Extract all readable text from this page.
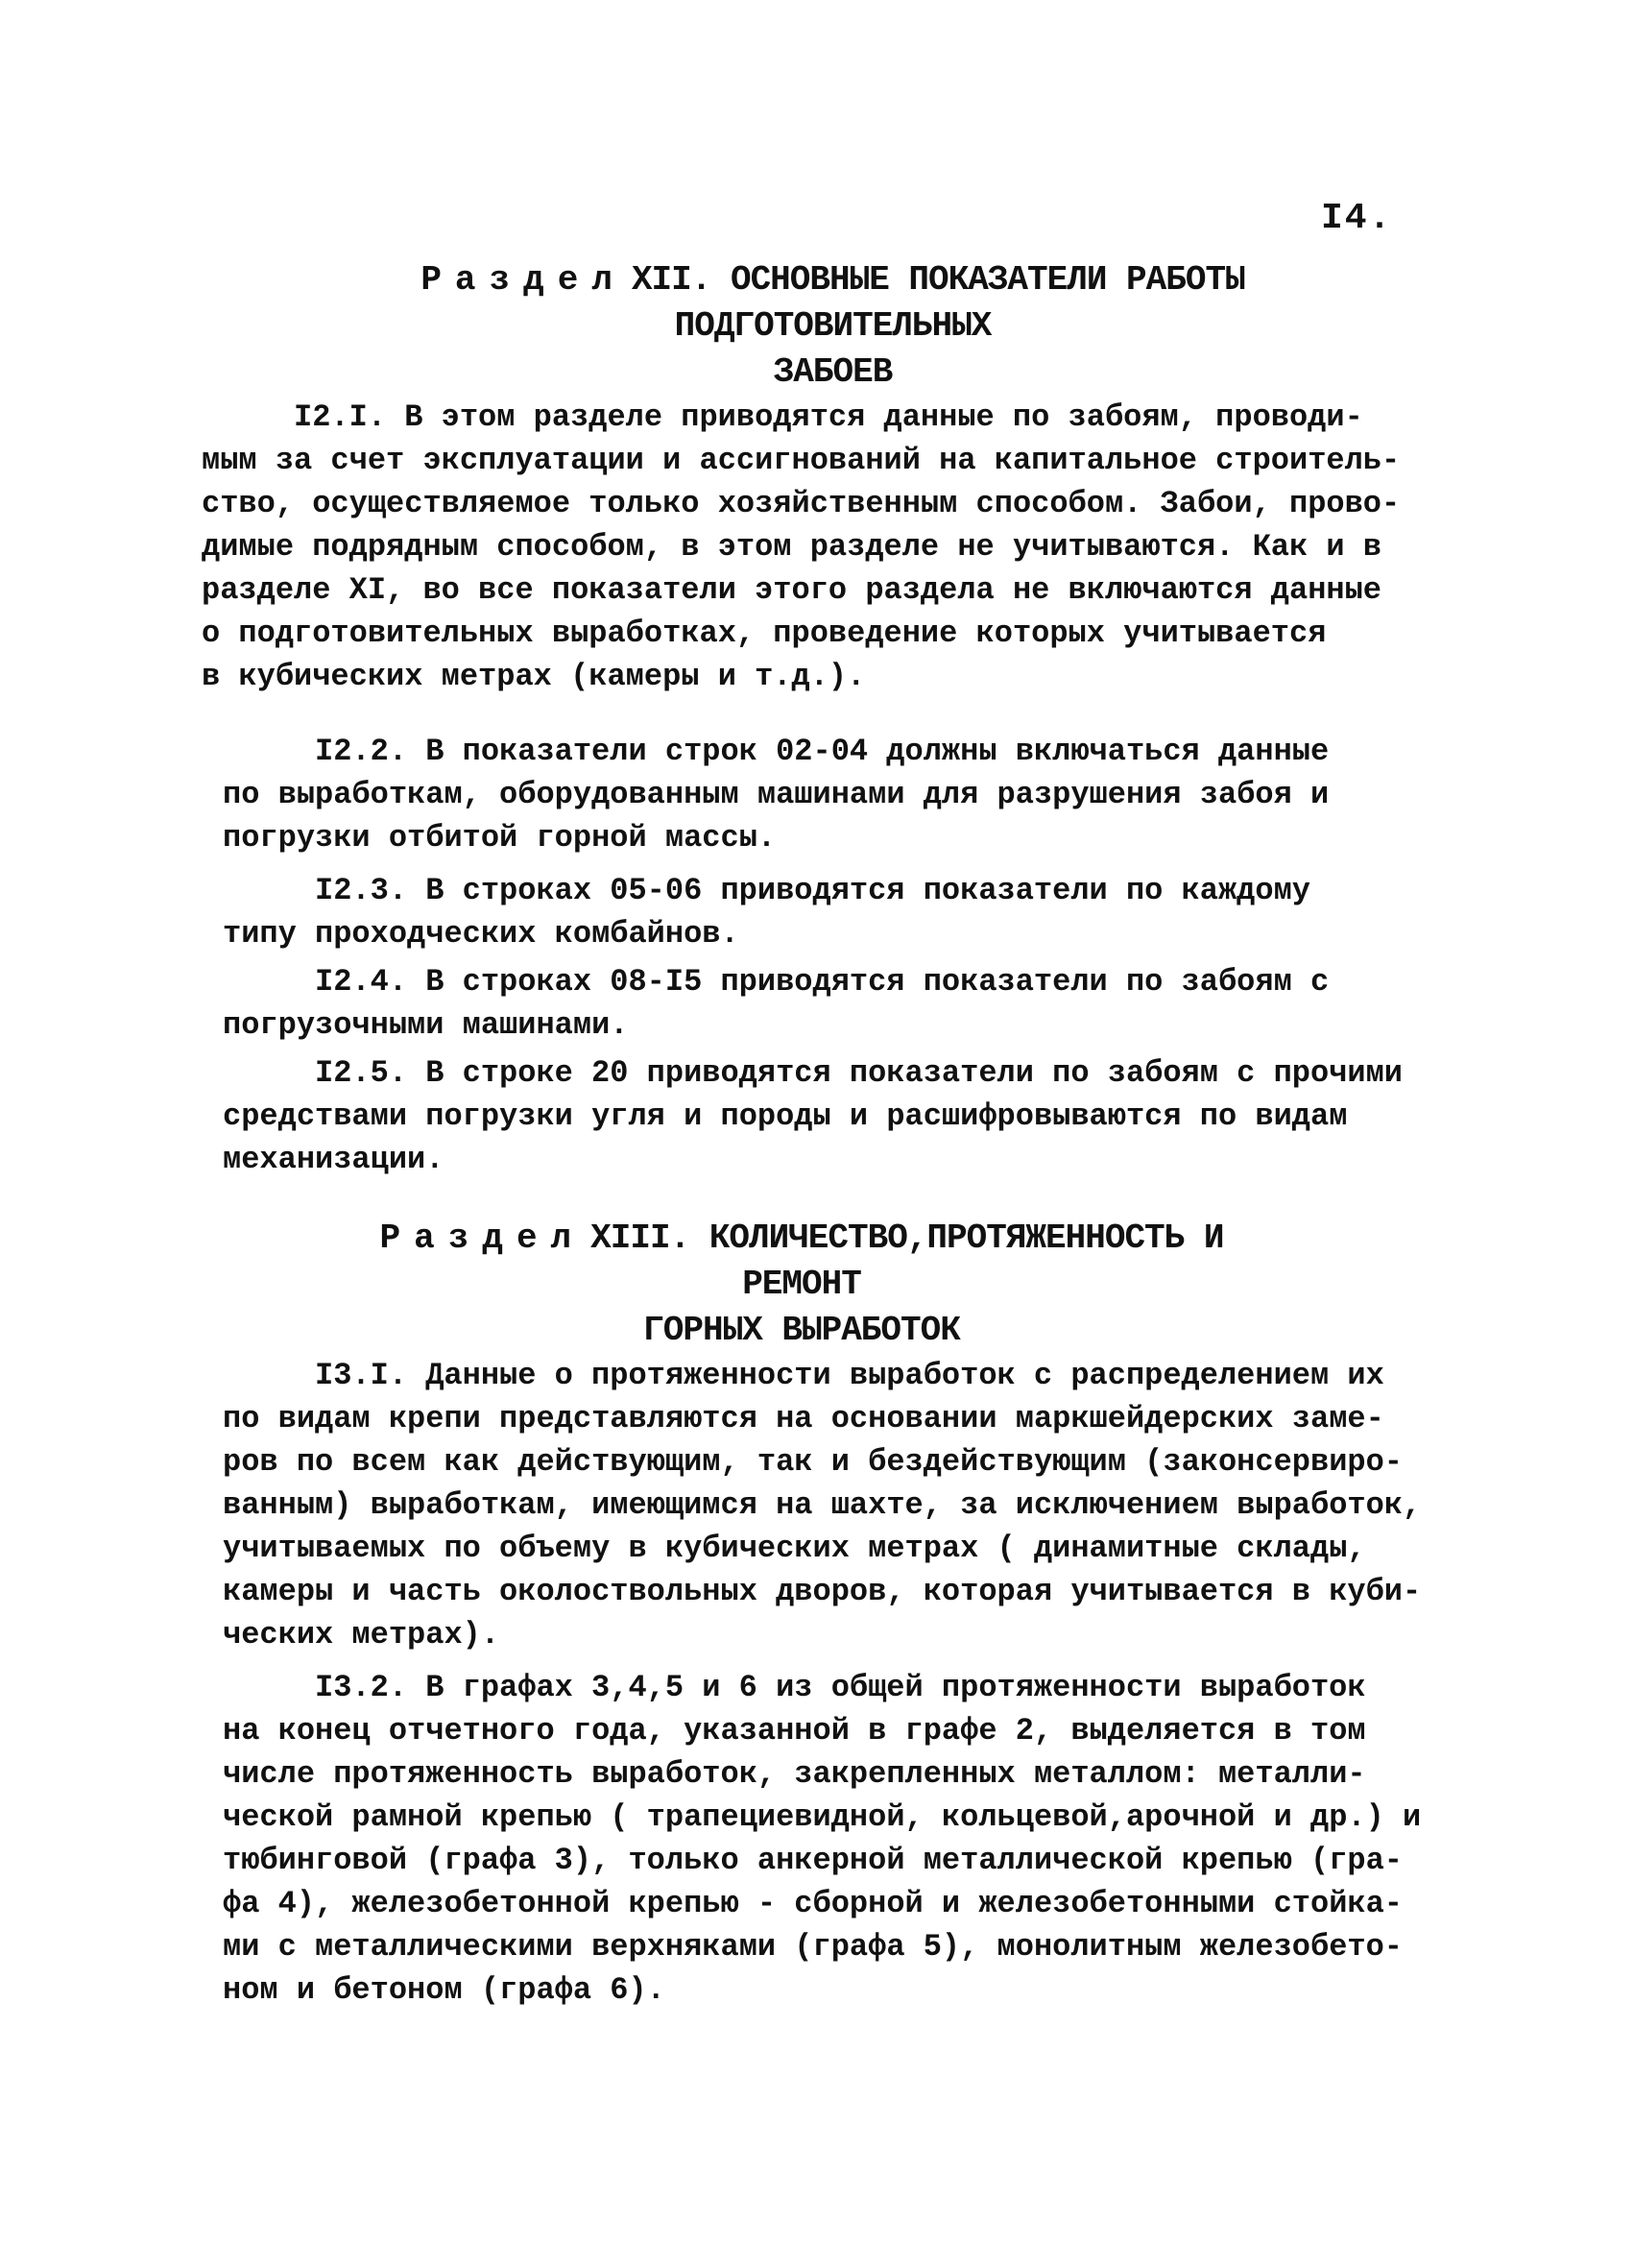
I4.
Раздел XII. ОСНОВНЫЕ ПОКАЗАТЕЛИ РАБОТЫ ПОДГОТОВИТЕЛЬНЫХ
ЗАБОЕВ
I2.I. В этом разделе приводятся данные по забоям, проводи-
мым за счет эксплуатации и ассигнований на капитальное строитель-
ство, осуществляемое только хозяйственным способом. Забои, прово-
димые подрядным способом, в этом разделе не учитываются. Как и в
разделе XI, во все показатели этого раздела не включаются данные
о подготовительных выработках, проведение которых учитывается
в кубических метрах (камеры и т.д.).
I2.2. В показатели строк 02-04 должны включаться данные
по выработкам, оборудованным машинами для разрушения забоя и
погрузки отбитой горной массы.
I2.3. В строках 05-06 приводятся показатели по каждому
типу проходческих комбайнов.
I2.4. В строках 08-I5 приводятся показатели по забоям с
погрузочными машинами.
I2.5. В строке 20 приводятся показатели по забоям с прочими
средствами погрузки угля и породы и расшифровываются по видам
механизации.
Раздел XIII. КОЛИЧЕСТВО,ПРОТЯЖЕННОСТЬ И РЕМОНТ
ГОРНЫХ ВЫРАБОТОК
I3.I. Данные о протяженности выработок с распределением их
по видам крепи представляются на основании маркшейдерских заме-
ров по всем как действующим, так и бездействующим (законсервиро-
ванным) выработкам, имеющимся на шахте, за исключением выработок,
учитываемых по объему в кубических метрах ( динамитные склады,
камеры и часть околоствольных дворов, которая учитывается в куби-
ческих метрах).
I3.2. В графах 3,4,5 и 6 из общей протяженности выработок
на конец отчетного года, указанной в графе 2, выделяется в том
числе протяженность выработок, закрепленных металлом: металли-
ческой рамной крепью ( трапециевидной, кольцевой,арочной и др.) и
тюбинговой (графа 3), только анкерной металлической крепью (гра-
фа 4), железобетонной крепью - сборной и железобетонными стойка-
ми с металлическими верхняками (графа 5), монолитным железобето-
ном и бетоном (графа 6).
